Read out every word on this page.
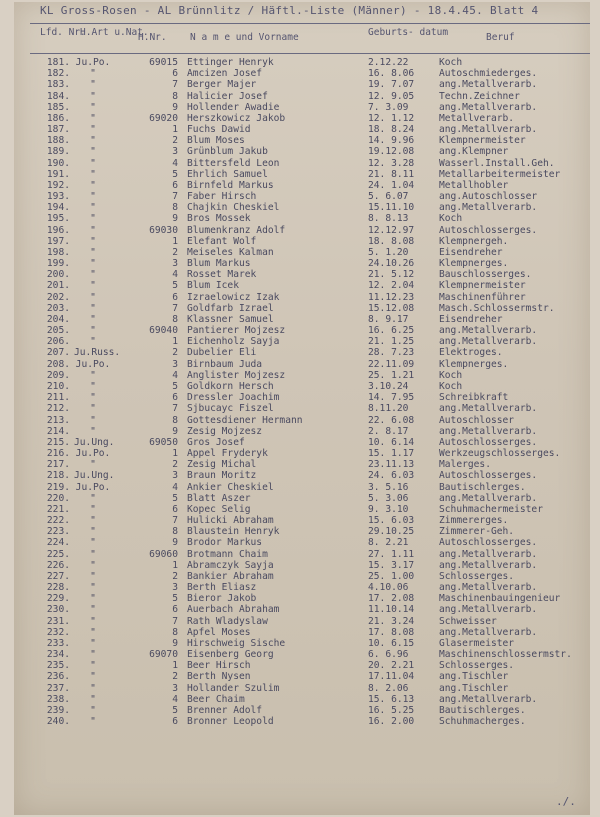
KL Gross-Rosen - AL Brünnlitz / Häftl.-Liste (Männer) - 18.4.45. Blatt 4
Lfd. Nr.
H.Art u.Nat.
H.Nr. N a m e und Vorname	Geburts- datum	Beruf
181. Ju.Po.	69015 Ettinger Henryk	2.12.22	Koch
182.	"	6 Amcizen Josef	16. 8.06	Autoschmiederges.
183.	"	7 Berger Majer	19. 7.07	ang.Metallverarb.
184.	"	8 Halicier Josef	12. 9.05	Techn.Zeichner
185.	"	9 Hollender Awadie	7. 3.09	ang.Metallverarb.
186.	"	69020 Herszkowicz Jakob	12. 1.12	Metallverarb.
187.	"	1 Fuchs Dawid	18. 8.24	ang.Metallverarb.
188.	"	2 Blum Moses	14. 9.96	Klempnermeister
189.	"	3 Grünblum Jakub	19.12.08	ang.Klempner
190.	"	4 Bittersfeld Leon	12. 3.28	Wasserl.Install.Geh.
191.	"	5 Ehrlich Samuel	21. 8.11	Metallarbeitermeister
192.	"	6 Birnfeld Markus	24. 1.04	Metallhobler
193.	"	7 Faber Hirsch	5. 6.07	ang.Autoschlosser
194.	"	8 Chajkin Cheskiel	15.11.10	ang.Metallverarb.
195.	"	9 Bros Mossek	8. 8.13	Koch
196.	"	69030 Blumenkranz Adolf	12.12.97	Autoschlosserges.
197.	"	1 Elefant Wolf	18. 8.08	Klempnergeh.
198.	"	2 Meiseles Kalman	5. 1.20	Eisendreher
199.	"	3 Blum Markus	24.10.26	Klempnerges.
200.	"	4 Rosset Marek	21. 5.12	Bauschlosserges.
201.	"	5 Blum Icek	12. 2.04	Klempnermeister
202.	"	6 Izraelowicz Izak	11.12.23	Maschinenführer
203.	"	7 Goldfarb Izrael	15.12.08	Masch.Schlossermstr.
204.	"	8 Klassner Samuel	8. 9.17	Eisendreher
205.	"	69040 Pantierer Mojzesz	16. 6.25	ang.Metallverarb.
206.	"	1 Eichenholz Sayja	21. 1.25	ang.Metallverarb.
207. Ju.Russ.	2 Dubelier Eli	28. 7.23	Elektroges.
208. Ju.Po.	3 Birnbaum Juda	22.11.09	Klempnerges.
209.	"	4 Anglister Mojzesz	25. 1.21	Koch
210.	"	5 Goldkorn Hersch	3.10.24	Koch
211.	"	6 Dressler Joachim	14. 7.95	Schreibkraft
212.	"	7 Sjbucayc Fiszel	8.11.20	ang.Metallverarb.
213.	"	8 Gottesdiener Hermann	22. 6.08	Autoschlosser
214.	"	9 Zesig Mojzesz	2. 8.17	ang.Metallverarb.
215. Ju.Ung.	69050 Gros Josef	10. 6.14	Autoschlosserges.
216. Ju.Po.	1 Appel Fryderyk	15. 1.17	Werkzeugschlosserges.
217.	"	2 Zesig Michal	23.11.13	Malerges.
218. Ju.Ung.	3 Braun Moritz	24. 6.03	Autoschlosserges.
219. Ju.Po.	4 Ankier Cheskiel	3. 5.16	Bautischlerges.
220.	"	5 Blatt Aszer	5. 3.06	ang.Metallverarb.
221.	"	6 Kopec Selig	9. 3.10	Schuhmachermeister
222.	"	7 Hulicki Abraham	15. 6.03	Zimmererges.
223.	"	8 Blaustein Henryk	29.10.25	Zimmerer-Geh.
224.	"	9 Brodor Markus	8. 2.21	Autoschlosserges.
225.	"	69060 Brotmann Chaim	27. 1.11	ang.Metallverarb.
226.	"	1 Abramczyk Sayja	15. 3.17	ang.Metallverarb.
227.	"	2 Bankier Abraham	25. 1.00	Schlosserges.
228.	"	3 Berth Eliasz	4.10.06	ang.Metallverarb.
229.	"	5 Bieror Jakob	17. 2.08	Maschinenbauingenieur
230.	"	6 Auerbach Abraham	11.10.14	ang.Metallverarb.
231.	"	7 Rath Wladyslaw	21. 3.24	Schweisser
232.	"	8 Apfel Moses	17. 8.08	ang.Metallverarb.
233.	"	9 Hirschweig Sische	10. 6.15	Glasermeister
234.	"	69070 Eisenberg Georg	6. 6.96	Maschinenschlossermstr.
235.	"	1 Beer Hirsch	20. 2.21	Schlosserges.
236.	"	2 Berth Nysen	17.11.04	ang.Tischler
237.	"	3 Hollander Szulim	8. 2.06	ang.Tischler
238.	"	4 Beer Chaim	15. 6.13	ang.Metallverarb.
239.	"	5 Brenner Adolf	16. 5.25	Bautischlerges.
240.	"	6 Bronner Leopold	16. 2.00	Schuhmacherges.
./.
